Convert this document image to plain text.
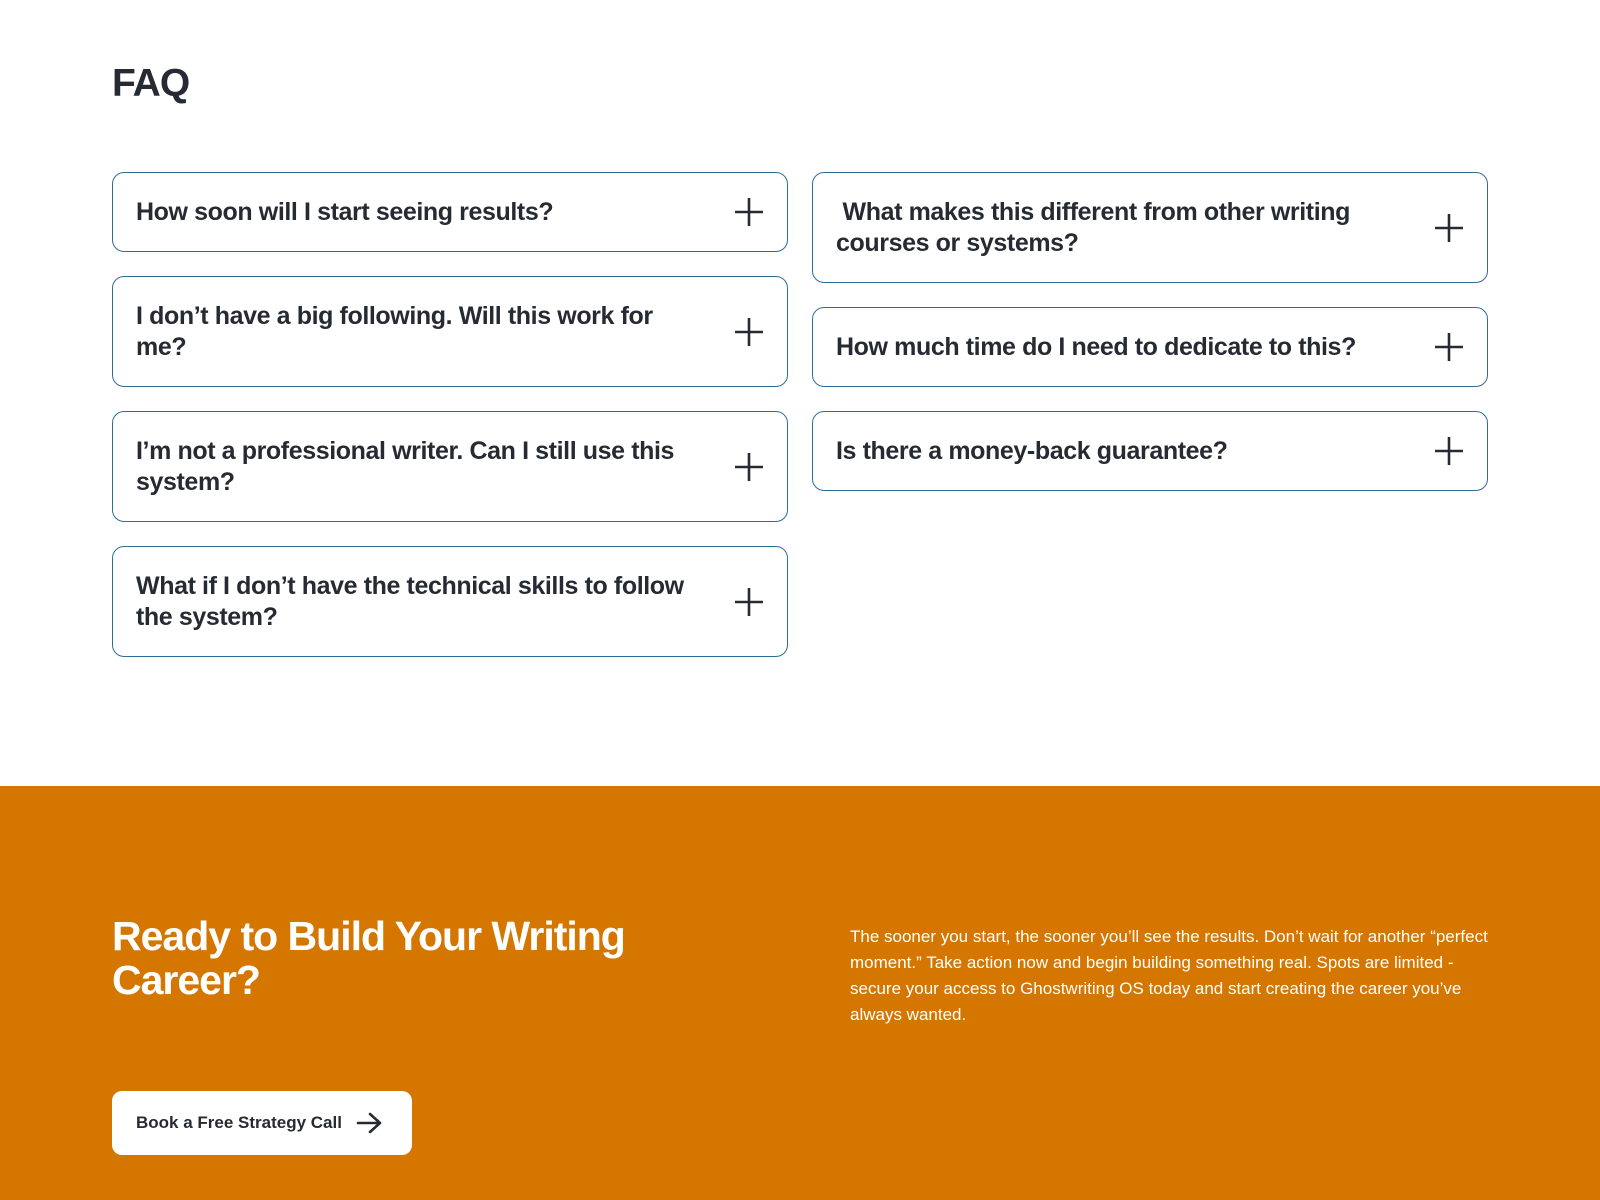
FAQ
How soon will I start seeing results?
I don’t have a big following. Will this work for me?
I’m not a professional writer. Can I still use this system?
What if I don’t have the technical skills to follow the system?
What makes this different from other writing courses or systems?
How much time do I need to dedicate to this?
Is there a money-back guarantee?
Ready to Build Your Writing Career?

The sooner you start, the sooner you’ll see the results. Don’t wait for another “perfect moment.” Take action now and begin building something real. Spots are limited - secure your access to Ghostwriting OS today and start creating the career you’ve always wanted.

Book a Free Strategy Call
